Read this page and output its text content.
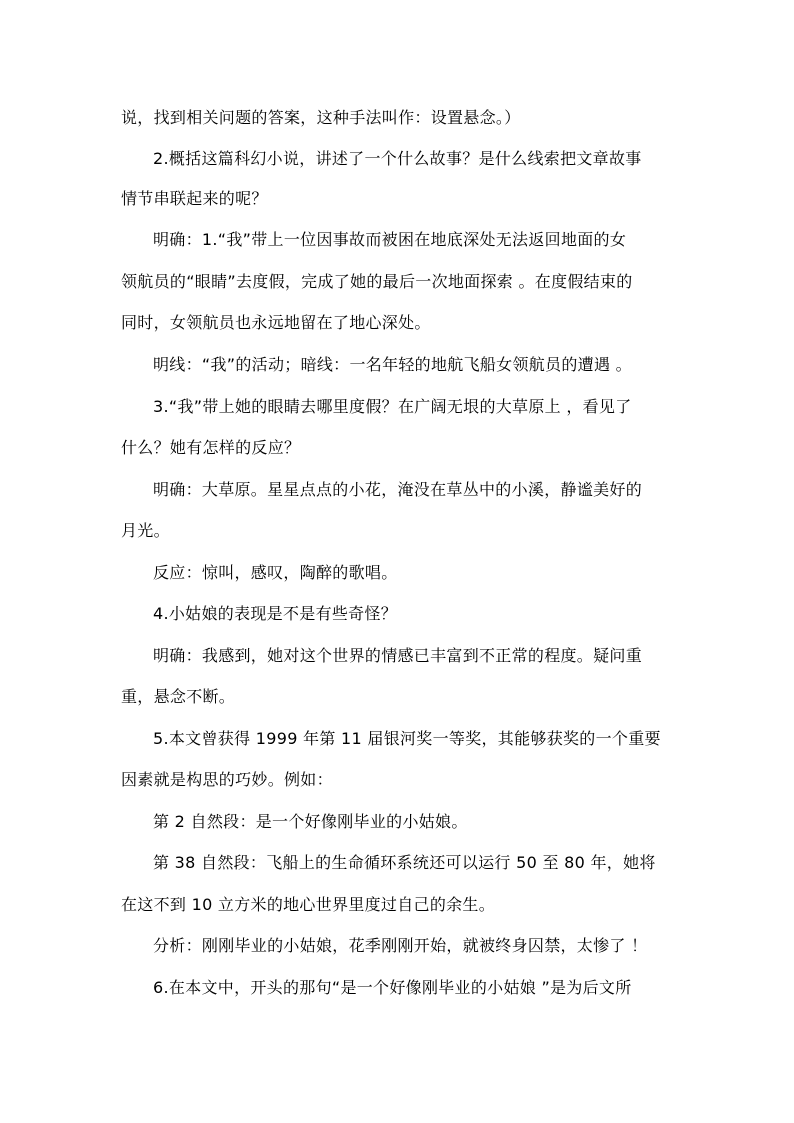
说，找到相关问题的答案，这种手法叫作：设置悬念。）
2.概括这篇科幻小说，讲述了一个什么故事？是什么线索把文章故事
情节串联起来的呢？
明确：1.“我”带上一位因事故而被困在地底深处无法返回地面的女
领航员的“眼睛”去度假，完成了她的最后一次地面探索 。在度假结束的
同时，女领航员也永远地留在了地心深处。
明线：“我”的活动；暗线：一名年轻的地航飞船女领航员的遭遇 。
3.“我”带上她的眼睛去哪里度假？在广阔无垠的大草原上 ，看见了
什么？她有怎样的反应？
明确：大草原。星星点点的小花，淹没在草丛中的小溪，静谧美好的
月光。
反应：惊叫，感叹，陶醉的歌唱。
4.小姑娘的表现是不是有些奇怪？
明确：我感到，她对这个世界的情感已丰富到不正常的程度。疑问重
重，悬念不断。
5.本文曾获得 1999 年第 11 届银河奖一等奖，其能够获奖的一个重要
因素就是构思的巧妙。例如：
第 2 自然段：是一个好像刚毕业的小姑娘。
第 38 自然段：飞船上的生命循环系统还可以运行 50 至 80 年，她将
在这不到 10 立方米的地心世界里度过自己的余生。
分析：刚刚毕业的小姑娘，花季刚刚开始，就被终身囚禁，太惨了 ！
6.在本文中，开头的那句“是一个好像刚毕业的小姑娘 ”是为后文所
